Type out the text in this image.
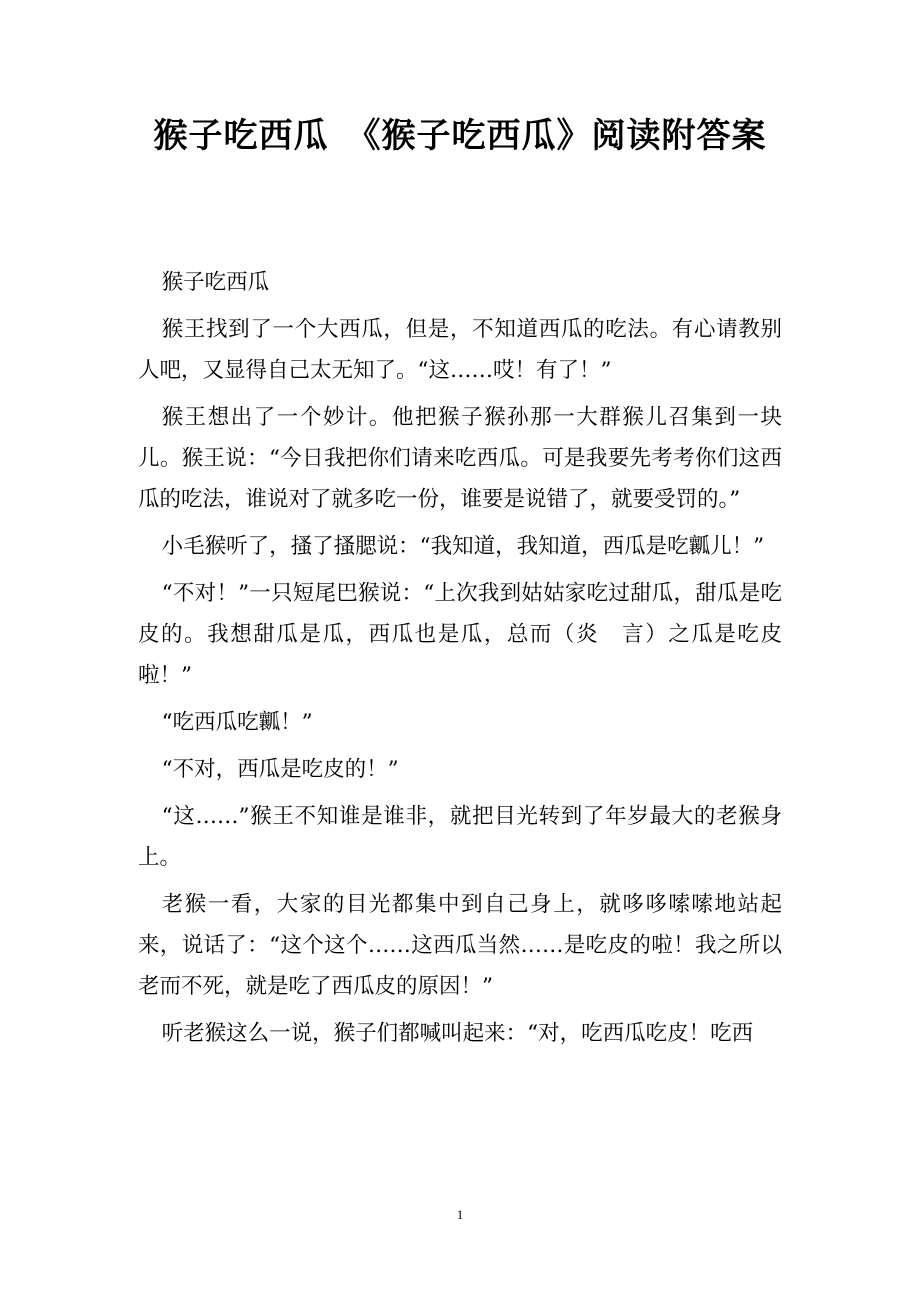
猴子吃西瓜　《猴子吃西瓜》阅读附答案

猴子吃西瓜

猴王找到了一个大西瓜，但是，不知道西瓜的吃法。有心请教别人吧，又显得自己太无知了。“这……哎！有了！”

猴王想出了一个妙计。他把猴子猴孙那一大群猴儿召集到一块儿。猴王说：“今日我把你们请来吃西瓜。可是我要先考考你们这西瓜的吃法，谁说对了就多吃一份，谁要是说错了，就要受罚的。”

小毛猴听了，搔了搔腮说：“我知道，我知道，西瓜是吃瓤儿！”

“不对！”一只短尾巴猴说：“上次我到姑姑家吃过甜瓜，甜瓜是吃皮的。我想甜瓜是瓜，西瓜也是瓜，总而（炎　言）之瓜是吃皮啦！”

“吃西瓜吃瓤！”

“不对，西瓜是吃皮的！”

“这……”猴王不知谁是谁非，就把目光转到了年岁最大的老猴身上。

老猴一看，大家的目光都集中到自己身上，就哆哆嗦嗦地站起来，说话了：“这个这个……这西瓜当然……是吃皮的啦！我之所以老而不死，就是吃了西瓜皮的原因！”

听老猴这么一说，猴子们都喊叫起来：“对，吃西瓜吃皮！吃西

1
